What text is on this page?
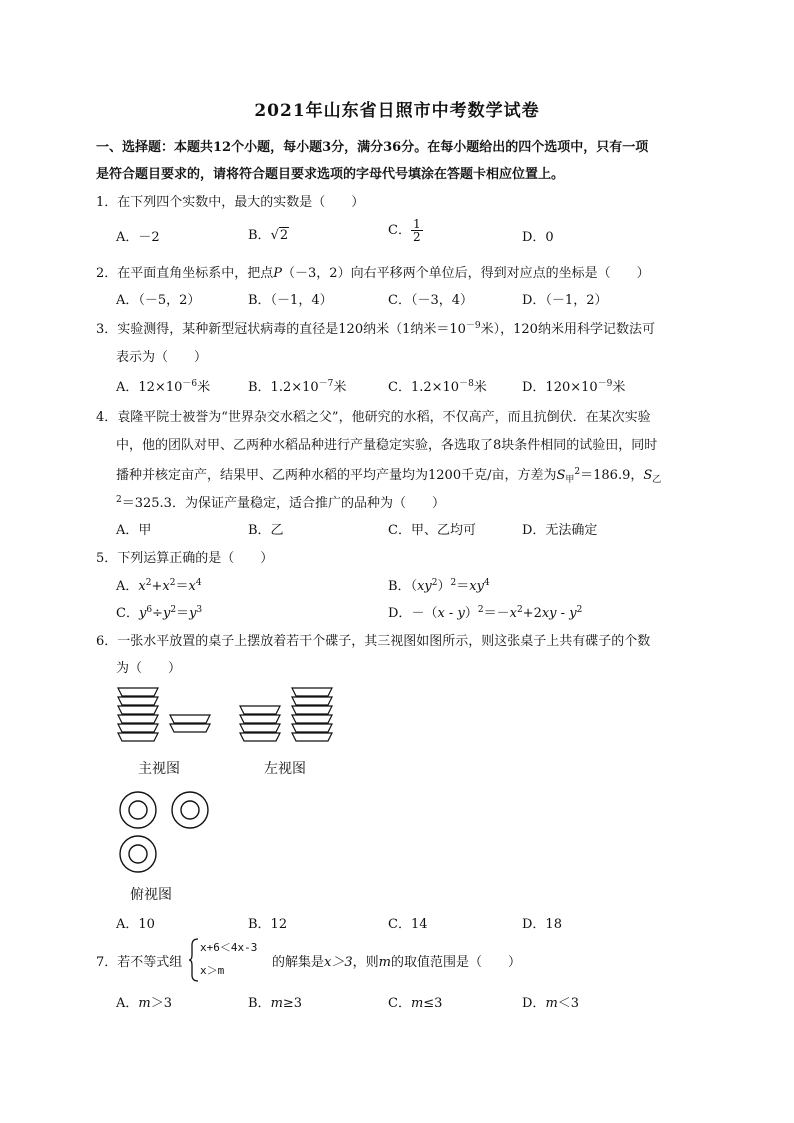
2021年山东省日照市中考数学试卷
一、选择题：本题共12个小题，每小题3分，满分36分。在每小题给出的四个选项中，只有一项
是符合题目要求的，请将符合题目要求选项的字母代号填涂在答题卡相应位置上。
1．在下列四个实数中，最大的实数是（　　）
A．－2	B．√2	C． $\frac{1}{2}$	D．0
2．在平面直角坐标系中，把点P（－3，2）向右平移两个单位后，得到对应点的坐标是（　　）
A．（－5，2）	B．（－1，4）	C．（－3，4）	D．（－1，2）
3．实验测得，某种新型冠状病毒的直径是120纳米（1纳米$=10^{-9}$米），120纳米用科学记数法可
表示为（　　）
A．$12\times 10^{-6}$米	B．$1.2\times 10^{-7}$米	C．$1.2\times 10^{-8}$米	D．$120\times 10^{-9}$米
4．袁隆平院士被誉为“世界杂交水稻之父”，他研究的水稻，不仅高产，而且抗倒伏．在某次实验
中，他的团队对甲、乙两种水稻品种进行产量稳定实验，各选取了8块条件相同的试验田，同时
播种并核定亩产，结果甲、乙两种水稻的平均产量均为1200千克/亩，方差为$S_甲^2=186.9$，$S_乙$
$^2$＝325.3．为保证产量稳定，适合推广的品种为（　　）
A．甲	B．乙	C．甲、乙均可	D．无法确定
5．下列运算正确的是（　　）
A．$x^2+x^2=x^4$	B．$(xy^2)^2=xy^4$
C．$y^6\div y^2=y^3$	D．$-(x - y)^2=-x^2+2xy - y^2$
6．一张水平放置的桌子上摆放着若干个碟子，其三视图如图所示，则这张桌子上共有碟子的个数
为（　　）
主视图	左视图
俯视图
A．10	B．12	C．14	D．18
7．若不等式组
x+6＜4x-3
x＞m
的解集是x＞3，则m的取值范围是（　　）
A．m＞3	B．m≥3	C．m≤3	D．m＜3
